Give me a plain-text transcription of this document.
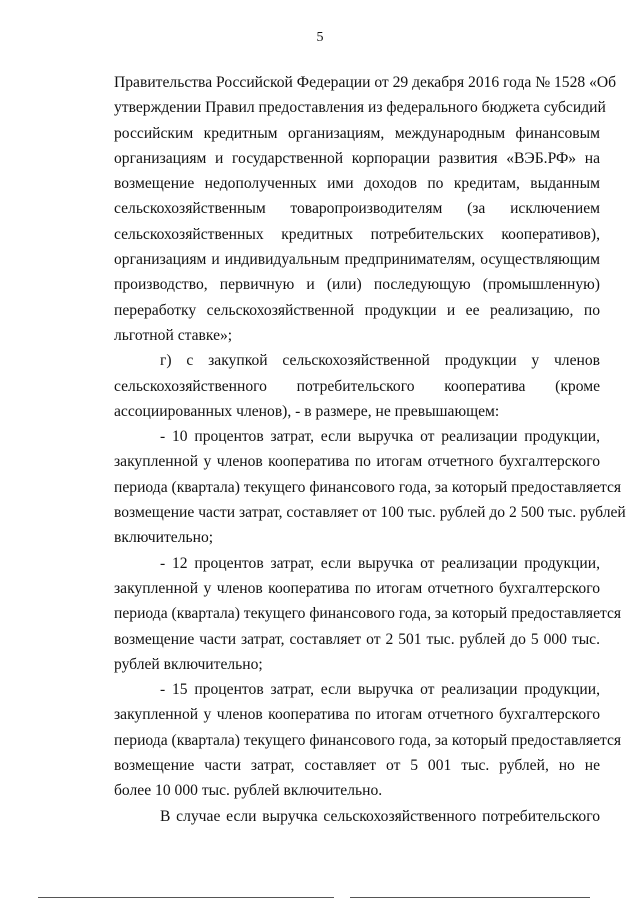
5
Правительства Российской Федерации от 29 декабря 2016 года № 1528 «Об
утверждении Правил предоставления из федерального бюджета субсидий
российским кредитным организациям, международным финансовым
организациям и государственной корпорации развития «ВЭБ.РФ» на
возмещение недополученных ими доходов по кредитам, выданным
сельскохозяйственным товаропроизводителям (за исключением
сельскохозяйственных кредитных потребительских кооперативов),
организациям и индивидуальным предпринимателям, осуществляющим
производство, первичную и (или) последующую (промышленную)
переработку сельскохозяйственной продукции и ее реализацию, по
льготной ставке»;
г) с закупкой сельскохозяйственной продукции у членов
сельскохозяйственного потребительского кооператива (кроме
ассоциированных членов), - в размере, не превышающем:
- 10 процентов затрат, если выручка от реализации продукции,
закупленной у членов кооператива по итогам отчетного бухгалтерского
периода (квартала) текущего финансового года, за который предоставляется
возмещение части затрат, составляет от 100 тыс. рублей до 2 500 тыс. рублей
включительно;
- 12 процентов затрат, если выручка от реализации продукции,
закупленной у членов кооператива по итогам отчетного бухгалтерского
периода (квартала) текущего финансового года, за который предоставляется
возмещение части затрат, составляет от 2 501 тыс. рублей до 5 000 тыс.
рублей включительно;
- 15 процентов затрат, если выручка от реализации продукции,
закупленной у членов кооператива по итогам отчетного бухгалтерского
периода (квартала) текущего финансового года, за который предоставляется
возмещение части затрат, составляет от 5 001 тыс. рублей, но не
более 10 000 тыс. рублей включительно.
В случае если выручка сельскохозяйственного потребительского
